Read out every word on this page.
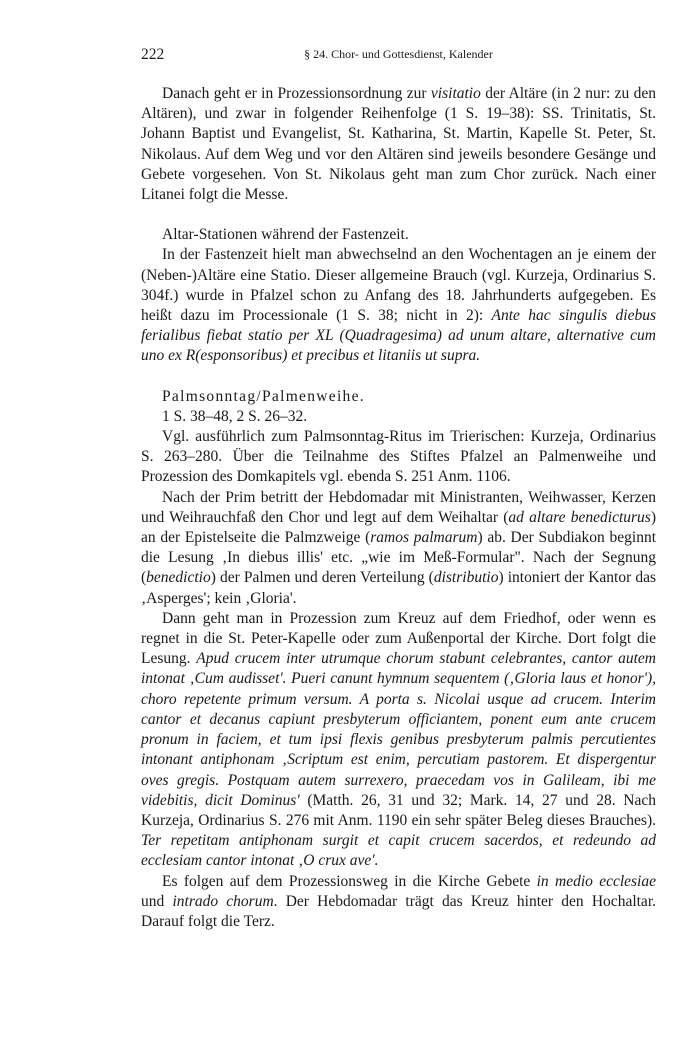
222	§ 24. Chor- und Gottesdienst, Kalender

Danach geht er in Prozessionsordnung zur visitatio der Altäre (in 2 nur: zu den Altären), und zwar in folgender Reihenfolge (1 S. 19–38): SS. Trinitatis, St. Johann Baptist und Evangelist, St. Katharina, St. Martin, Kapelle St. Peter, St. Nikolaus. Auf dem Weg und vor den Altären sind jeweils besondere Gesänge und Gebete vorgesehen. Von St. Nikolaus geht man zum Chor zurück. Nach einer Litanei folgt die Messe.

Altar-Stationen während der Fastenzeit.

In der Fastenzeit hielt man abwechselnd an den Wochentagen an je einem der (Neben-)Altäre eine Statio. Dieser allgemeine Brauch (vgl. Kurzeja, Ordinarius S. 304f.) wurde in Pfalzel schon zu Anfang des 18. Jahrhunderts aufgegeben. Es heißt dazu im Processionale (1 S. 38; nicht in 2): Ante hac singulis diebus ferialibus fiebat statio per XL (Quadragesima) ad unum altare, alternative cum uno ex R(esponsoribus) et precibus et litaniis ut supra.

Palmsonntag/Palmenweihe.

1 S. 38–48, 2 S. 26–32.

Vgl. ausführlich zum Palmsonntag-Ritus im Trierischen: Kurzeja, Ordinarius S. 263–280. Über die Teilnahme des Stiftes Pfalzel an Palmenweihe und Prozession des Domkapitels vgl. ebenda S. 251 Anm. 1106.

Nach der Prim betritt der Hebdomadar mit Ministranten, Weihwasser, Kerzen und Weihrauchfaß den Chor und legt auf dem Weihaltar (ad altare benedicturus) an der Epistelseite die Palmzweige (ramos palmarum) ab. Der Subdiakon beginnt die Lesung ‚In diebus illis' etc. „wie im Meß-Formular". Nach der Segnung (benedictio) der Palmen und deren Verteilung (distributio) intoniert der Kantor das ‚Asperges'; kein ‚Gloria'.

Dann geht man in Prozession zum Kreuz auf dem Friedhof, oder wenn es regnet in die St. Peter-Kapelle oder zum Außenportal der Kirche. Dort folgt die Lesung. Apud crucem inter utrumque chorum stabunt celebrantes, cantor autem intonat ‚Cum audisset'. Pueri canunt hymnum sequentem (‚Gloria laus et honor'), choro repetente primum versum. A porta s. Nicolai usque ad crucem. Interim cantor et decanus capiunt presbyterum officiantem, ponent eum ante crucem pronum in faciem, et tum ipsi flexis genibus presbyterum palmis percutientes intonant antiphonam ‚Scriptum est enim, percutiam pastorem. Et dispergentur oves gregis. Postquam autem surrexero, praecedam vos in Galileam, ibi me videbitis, dicit Dominus' (Matth. 26, 31 und 32; Mark. 14, 27 und 28. Nach Kurzeja, Ordinarius S. 276 mit Anm. 1190 ein sehr später Beleg dieses Brauches). Ter repetitam antiphonam surgit et capit crucem sacerdos, et redeundo ad ecclesiam cantor intonat ‚O crux ave'.

Es folgen auf dem Prozessionsweg in die Kirche Gebete in medio ecclesiae und intrado chorum. Der Hebdomadar trägt das Kreuz hinter den Hochaltar. Darauf folgt die Terz.
